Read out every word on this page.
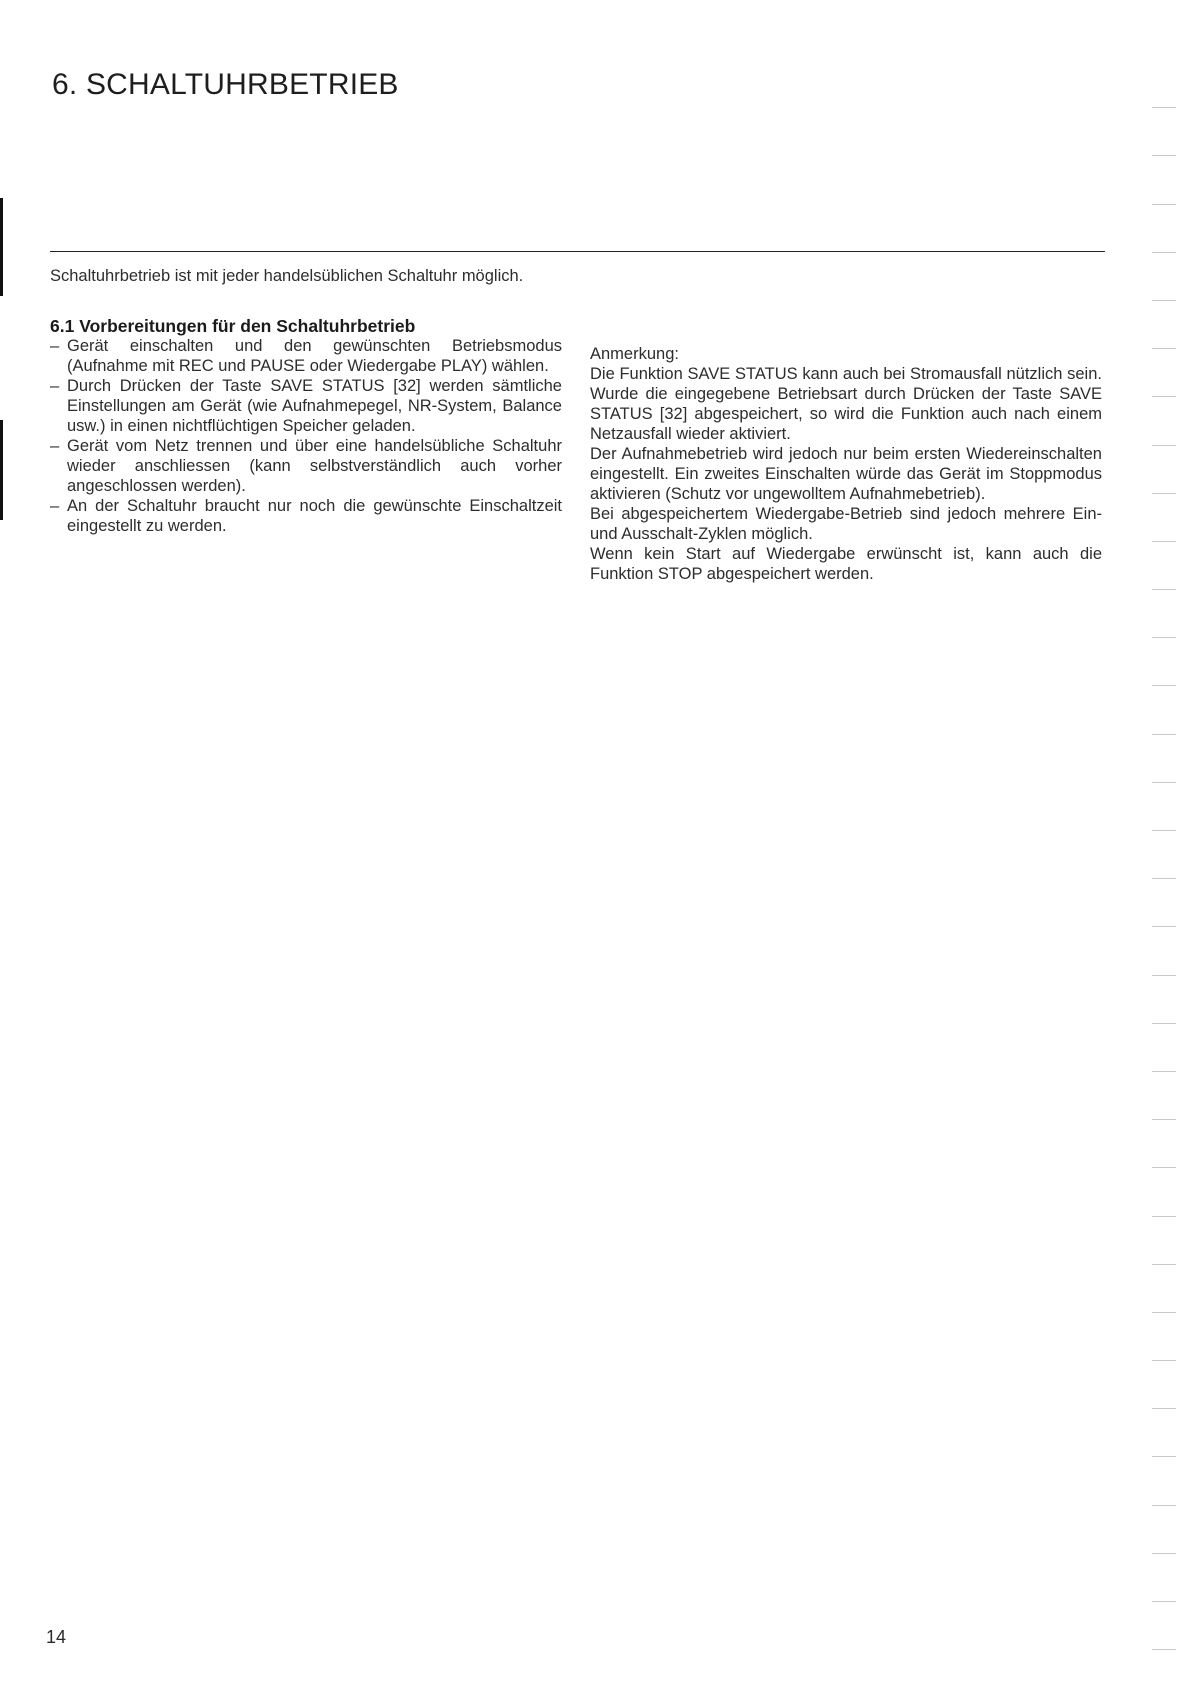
6. SCHALTUHRBETRIEB

Schaltuhrbetrieb ist mit jeder handelsüblichen Schaltuhr möglich.

6.1 Vorbereitungen für den Schaltuhrbetrieb
– Gerät einschalten und den gewünschten Betriebsmodus (Aufnahme mit REC und PAUSE oder Wiedergabe PLAY) wählen.
– Durch Drücken der Taste SAVE STATUS [32] werden sämtliche Einstellungen am Gerät (wie Aufnahmepegel, NR-System, Balance usw.) in einen nichtflüchtigen Speicher geladen.
– Gerät vom Netz trennen und über eine handelsübliche Schaltuhr wieder anschliessen (kann selbstverständlich auch vorher angeschlossen werden).
– An der Schaltuhr braucht nur noch die gewünschte Einschaltzeit eingestellt zu werden.

Anmerkung:

Die Funktion SAVE STATUS kann auch bei Stromausfall nützlich sein. Wurde die eingegebene Betriebsart durch Drücken der Taste SAVE STATUS [32] abgespeichert, so wird die Funktion auch nach einem Netzausfall wieder aktiviert.

Der Aufnahmebetrieb wird jedoch nur beim ersten Wiedereinschalten eingestellt. Ein zweites Einschalten würde das Gerät im Stoppmodus aktivieren (Schutz vor ungewolltem Aufnahmebetrieb).

Bei abgespeichertem Wiedergabe-Betrieb sind jedoch mehrere Ein- und Ausschalt-Zyklen möglich.

Wenn kein Start auf Wiedergabe erwünscht ist, kann auch die Funktion STOP abgespeichert werden.

14
